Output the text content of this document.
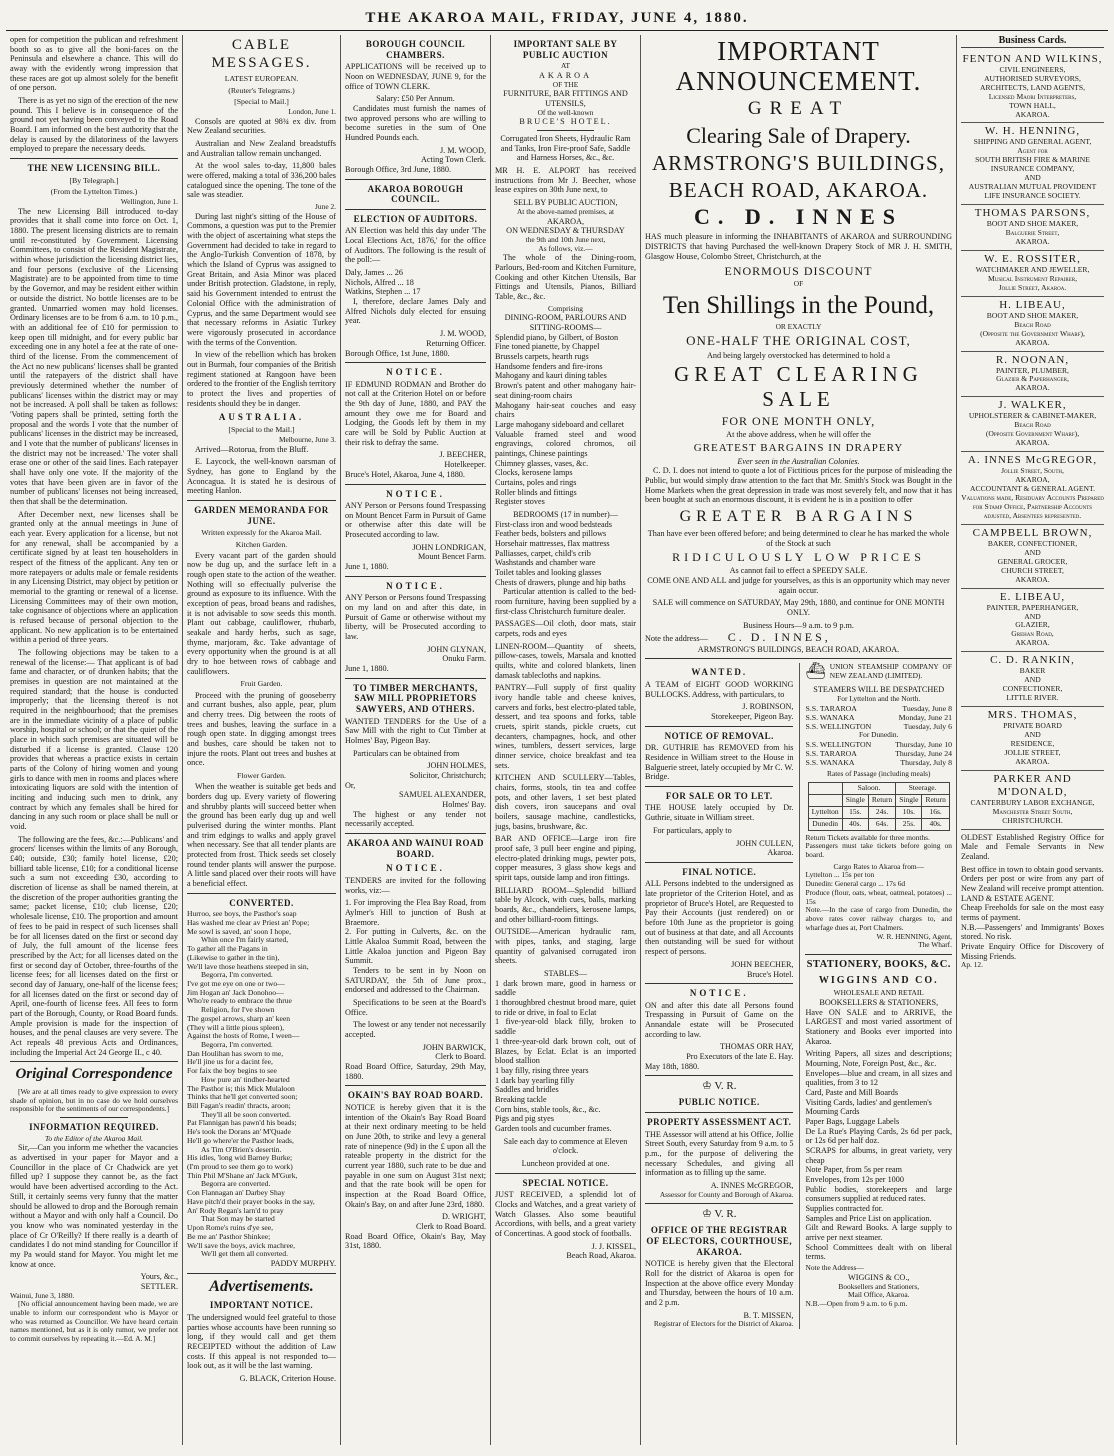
THE AKAROA MAIL, FRIDAY, JUNE 4, 1880.

open for competition the publican and refreshment booth so as to give all the boni-faces on the Peninsula and elsewhere a chance. This will do away with the evidently wrong impression that these races are got up almost solely for the benefit of one person.

There is as yet no sign of the erection of the new pound. This I believe is in consequence of the ground not yet having been conveyed to the Road Board. I am informed on the best authority that the delay is caused by the dilatoriness of the lawyers employed to prepare the necessary deeds.

THE NEW LICENSING BILL.
[By Telegraph.]
(From the Lyttelton Times.)
Wellington, June 1.

The new Licensing Bill introduced to-day provides that it shall come into force on Oct. 1, 1880. The present licensing districts are to remain until re-constituted by Government. Licensing Committees, to consist of the Resident Magistrate, within whose jurisdiction the licensing district lies, and four persons (exclusive of the Licensing Magistrate) are to be appointed from time to time by the Governor, and may be resident either within or outside the district. No bottle licenses are to be granted. Unmarried women may hold licenses. Ordinary licenses are to be from 6 a.m. to 10 p.m., with an additional fee of £10 for permission to keep open till midnight, and for every public bar exceeding one in any hotel a fee at the rate of one-third of the license. From the commencement of the Act no new publicans' licenses shall be granted until the ratepayers of the district shall have previously determined whether the number of publicans' licenses within the district may or may not be increased. A poll shall be taken as follows: 'Voting papers shall be printed, setting forth the proposal and the words I vote that the number of publicans' licenses in the district may be increased, and I vote that the number of publicans' licenses in the district may not be increased.' The voter shall erase one or other of the said lines. Each ratepayer shall have only one vote. If the majority of the votes that have been given are in favor of the number of publicans' licenses not being increased, then that shall be the determination.

After December next, new licenses shall be granted only at the annual meetings in June of each year. Every application for a license, but not for any renewal, shall be accompanied by a certificate signed by at least ten householders in respect of the fitness of the applicant. Any ten or more ratepayers or adults male or female residents in any Licensing District, may object by petition or memorial to the granting or renewal of a license. Licensing Committees may of their own motion, take cognisance of objections where an application is refused because of personal objection to the applicant. No new application is to be entertained within a period of three years.

The following objections may be taken to a renewal of the license:— That applicant is of bad fame and character, or of drunken habits; that the premises in question are not maintained at the required standard; that the house is conducted improperly; that the licensing thereof is not required in the neighbourhood; that the premises are in the immediate vicinity of a place of public worship, hospital or school; or that the quiet of the place in which such premises are situated will be disturbed if a license is granted. Clause 120 provides that whereas a practice exists in certain parts of the Colony of hiring women and young girls to dance with men in rooms and places where intoxicating liquors are sold with the intention of inciting and inducing such men to drink, any contract by which any females shall be hired for dancing in any such room or place shall be null or void.

The following are the fees, &c.:—Publicans' and grocers' licenses within the limits of any Borough, £40; outside, £30; family hotel license, £20; billiard table license, £10; for a conditional license such a sum not exceeding £30, according to discretion of license as shall be named therein, at the discretion of the proper authorities granting the same; packet license, £10; club license, £20; wholesale license, £10. The proportion and amount of fees to be paid in respect of such licenses shall be for all licenses dated on the first or second day of July, the full amount of the license fees prescribed by the Act; for all licenses dated on the first or second day of October, three-fourths of the license fees; for all licenses dated on the first or second day of January, one-half of the license fees; for all licenses dated on the first or second day of April, one-fourth of license fees. All fees to form part of the Borough, County, or Road Board funds. Ample provision is made for the inspection of houses, and the penal clauses are very severe. The Act repeals 48 previous Acts and Ordinances, including the Imperial Act 24 George II., c 40.

Original Correspondence

[We are at all times ready to give expression to every shade of opinion, but in no case do we hold ourselves responsible for the sentiments of our correspondents.]

INFORMATION REQUIRED.
To the Editor of the Akaroa Mail.

Sir,—Can you inform me whether the vacancies as advertised in your paper for Mayor and a Councillor in the place of Cr Chadwick are yet filled up? I suppose they cannot be, as the fact would have been advertised according to the Act. Still, it certainly seems very funny that the matter should be allowed to drop and the Borough remain without a Mayor and with only half a Council. Do you know who was nominated yesterday in the place of Cr O'Reilly? If there really is a dearth of candidates I do not mind standing for Councillor if my Pa would stand for Mayor. You might let me know at once.

Yours, &c.,
SETTLER.
Wainui, June 3, 1880.

[No official announcement having been made, we are unable to inform our correspondent who is Mayor or who was returned as Councillor. We have heard certain names mentioned, but as it is only rumor, we prefer not to commit ourselves by repeating it.—Ed. A. M.]

CABLE MESSAGES.
LATEST EUROPEAN.
(Reuter's Telegrams.)
[Special to Mail.]
London, June 1.

Consols are quoted at 98¾ ex div. from New Zealand securities.

Australian and New Zealand breadstuffs and Australian tallow remain unchanged.

At the wool sales to-day, 11,800 bales were offered, making a total of 336,200 bales catalogued since the opening. The tone of the sale was steadier.

June 2.

During last night's sitting of the House of Commons, a question was put to the Premier with the object of ascertaining what steps the Government had decided to take in regard to the Anglo-Turkish Convention of 1878, by which the Island of Cyprus was assigned to Great Britain, and Asia Minor was placed under British protection. Gladstone, in reply, said his Government intended to entrust the Colonial Office with the administration of Cyprus, and the same Department would see that necessary reforms in Asiatic Turkey were vigorously prosecuted in accordance with the terms of the Convention.

In view of the rebellion which has broken out in Burmah, four companies of the British regiment stationed at Rangoon have been ordered to the frontier of the English territory to protect the lives and properties of residents should they be in danger.

AUSTRALIA.
[Special to the Mail.]
Melbourne, June 3.

Arrived—Rotorua, from the Bluff.

E. Laycock, the well-known oarsman of Sydney, has gone to England by the Aconcagua. It is stated he is desirous of meeting Hanlon.

GARDEN MEMORANDA FOR JUNE.
Written expressly for the Akaroa Mail.
Kitchen Garden.

Every vacant part of the garden should now be dug up, and the surface left in a rough open state to the action of the weather. Nothing will so effectually pulverise the ground as exposure to its influence. With the exception of peas, broad beans and radishes, it is not advisable to sow seeds this month. Plant out cabbage, cauliflower, rhubarb, seakale and hardy herbs, such as sage, thyme, marjoram, &c. Take advantage of every opportunity when the ground is at all dry to hoe between rows of cabbage and cauliflowers.

Fruit Garden.

Proceed with the pruning of gooseberry and currant bushes, also apple, pear, plum and cherry trees. Dig between the roots of trees and bushes, leaving the surface in a rough open state. In digging amongst trees and bushes, care should be taken not to injure the roots. Plant out trees and bushes at once.

Flower Garden.

When the weather is suitable get beds and borders dug up. Every variety of flowering and shrubby plants will succeed better when the ground has been early dug up and well pulverised during the winter months. Plant and trim edgings to walks and apply gravel when necessary. See that all tender plants are protected from frost. Thick seeds set closely round tender plants will answer the purpose. A little sand placed over their roots will have a beneficial effect.

CONVERTED.
Hurroo, see boys, the Pasthor's soap
Has washed me clear av Priest an' Pope;
Me sowl is saved, an' soon I hope,
Whin once I'm fairly started,
To gather all the Pagans in
(Likewise to gather in the tin),
We'll lave those heathens steeped in sin,
Begorra, I'm converted.
I've got me eye on one or two—
Jim Hogan an' Jack Donohoo—
Who're ready to embrace the thrue
Religion, for I've shown
The gospel arrows, sharp an' keen
(They will a little pious spleen),
Against the hosts of Rome, I ween—
Begorra, I'm converted.
Dan Houlihan has sworn to me,
He'll jine us for a dacint fee,
For faix the boy begins to see
How pure an' tindher-hearted
The Pasthor is; this Mick Mulaloon
Thinks that he'll get converted soon;
Bill Fagan's readin' thracts, aroon;
They'll all be soon converted.
Pat Flannigan has pawn'd his beads;
He's took the Dorans an' M'Quade
He'll go where'er the Pasthor leads,
As Tim O'Brien's desertin.
His idles, 'long wid Barney Burke;
(I'm proud to see them go to work)
Thin Phil M'Shane an' Jack M'Gurk,
Begorra are converted.
Con Flannagan an' Darbey Shay
Have pitch'd their prayer books in the say,
An' Rody Regan's larn'd to pray
That Son may be started
Upon Rome's ruins d'ye see,
Be me an' Pasthor Shinkee;
We'll save the boys, avick machree,
We'll get them all converted.
PADDY MURPHY.
Advertisements.
IMPORTANT NOTICE.

The undersigned would feel grateful to those parties whose accounts have been running so long, if they would call and get them RECEIPTED without the addition of Law costs. If this appeal is not responded to—look out, as it will be the last warning.

G. BLACK, Criterion House.
BOROUGH COUNCIL CHAMBERS.

APPLICATIONS will be received up to Noon on WEDNESDAY, JUNE 9, for the office of TOWN CLERK.

Salary: £50 Per Annum.

Candidates must furnish the names of two approved persons who are willing to become sureties in the sum of One Hundred Pounds each.

J. M. WOOD,
Acting Town Clerk.
Borough Office, 3rd June, 1880.
AKAROA BOROUGH COUNCIL.
ELECTION OF AUDITORS.

AN Election was held this day under 'The Local Elections Act, 1876,' for the office of Auditors. The following is the result of the poll:—

Daly, James ... 26
Nichols, Alfred ... 18
Watkins, Stephen ... 17

I, therefore, declare James Daly and Alfred Nichols duly elected for ensuing year.

J. M. WOOD,
Returning Officer.
Borough Office, 1st June, 1880.
NOTICE.

IF EDMUND RODMAN and Brother do not call at the Criterion Hotel on or before the 9th day of June, 1880, and PAY the amount they owe me for Board and Lodging, the Goods left by them in my care will be Sold by Public Auction at their risk to defray the same.

J. BEECHER,
Hotelkeeper.
Bruce's Hotel, Akaroa, June 4, 1880.
NOTICE.

ANY Person or Persons found Trespassing on Mount Bencet Farm in Pursuit of Game or otherwise after this date will be Prosecuted according to law.

JOHN LONDRIGAN,
Mount Bencet Farm.
June 1, 1880.
NOTICE.

ANY Person or Persons found Trespassing on my land on and after this date, in Pursuit of Game or otherwise without my liberty, will be Prosecuted according to law.

JOHN GLYNAN,
Onuku Farm.
June 1, 1880.
TO TIMBER MERCHANTS, SAW MILL PROPRIETORS SAWYERS, AND OTHERS.

WANTED TENDERS for the Use of a Saw Mill with the right to Cut Timber at Holmes' Bay, Pigeon Bay.

Particulars can be obtained from

JOHN HOLMES,
Solicitor, Christchurch;
Or,
SAMUEL ALEXANDER,
Holmes' Bay.

The highest or any tender not necessarily accepted.

AKAROA AND WAINUI ROAD BOARD.
NOTICE.

TENDERS are invited for the following works, viz:—

1. For improving the Flea Bay Road, from Aylmer's Hill to junction of Bush at Braemore.
2. For putting in Culverts, &c. on the Little Akaloa Summit Road, between the Little Akaloa junction and Pigeon Bay Summit.

Tenders to be sent in by Noon on SATURDAY, the 5th of June prox., endorsed and addressed to the Chairman.

Specifications to be seen at the Board's Office.

The lowest or any tender not necessarily accepted.

JOHN BARWICK,
Clerk to Board.
Road Board Office, Saturday, 29th May, 1880.
OKAIN'S BAY ROAD BOARD.

NOTICE is hereby given that it is the intention of the Okain's Bay Road Board at their next ordinary meeting to be held on June 20th, to strike and levy a general rate of ninepence (9d) in the £ upon all the rateable property in the district for the current year 1880, such rate to be due and payable in one sum on August 31st next; and that the rate book will be open for inspection at the Road Board Office, Okain's Bay, on and after June 23rd, 1880.

D. WRIGHT,
Clerk to Road Board.
Road Board Office, Okain's Bay, May 31st, 1880.
IMPORTANT SALE BY PUBLIC AUCTION
AT
AKAROA
OF THE
FURNITURE, BAR FITTINGS AND UTENSILS,
Of the well-known
BRUCE'S HOTEL.

Corrugated Iron Sheets, Hydraulic Ram and Tanks, Iron Fire-proof Safe, Saddle and Harness Horses, &c., &c.

MR H. E. ALPORT has received instructions from Mr J. Beecher, whose lease expires on 30th June next, to

SELL BY PUBLIC AUCTION,
At the above-named premises, at
AKAROA,
ON WEDNESDAY & THURSDAY
the 9th and 10th June next,
As follows, viz.—

The whole of the Dining-room, Parlours, Bed-room and Kitchen Furniture, Cooking and other Kitchen Utensils, Bar Fittings and Utensils, Pianos, Billiard Table, &c., &c.

Comprising
DINING-ROOM, PARLOURS AND SITTING-ROOMS—
Splendid piano, by Gilbert, of Boston
Fine toned pianette, by Chappel
Brussels carpets, hearth rugs
Handsome fenders and fire-irons
Mahogany and kauri dining tables
Brown's patent and other mahogany hair-seat dining-room chairs
Mahogany hair-seat couches and easy chairs
Large mahogany sideboard and cellaret
Valuable framed steel and wood engravings, colored chromos, oil paintings, Chinese paintings
Chimney glasses, vases, &c.
Clocks, kerosene lamps
Curtains, poles and rings
Roller blinds and fittings
Register stoves
BEDROOMS (17 in number)—
First-class iron and wood bedsteads
Feather beds, bolsters and pillows
Horsehair mattresses, flax mattress
Palliasses, carpet, child's crib
Washstands and chamber ware
Toilet tables and looking glasses
Chests of drawers, plunge and hip baths

Particular attention is called to the bed-room furniture, having been supplied by a first-class Christchurch furniture dealer.

PASSAGES—Oil cloth, door mats, stair carpets, rods and eyes

LINEN-ROOM—Quantity of sheets, pillow-cases, towels, Marsala and knotted quilts, white and colored blankets, linen damask tablecloths and napkins.

PANTRY—Full supply of first quality ivory handle table and cheese knives, carvers and forks, best electro-plated table, dessert, and tea spoons and forks, table cruets, spirit stands, pickle cruets, cut decanters, champagnes, hock, and other wines, tumblers, dessert services, large dinner service, choice breakfast and tea sets.

KITCHEN AND SCULLERY—Tables, chairs, forms, stools, tin tea and coffee pots, and other lavers, 1 set best plated dish covers, iron saucepans and oval boilers, sausage machine, candlesticks, jugs, basins, brushware, &c.

BAR AND OFFICE—Large iron fire proof safe, 3 pull beer engine and piping, electro-plated drinking mugs, pewter pots, copper measures, 3 glass show kegs and spirit taps, outside lamp and iron fittings.

BILLIARD ROOM—Splendid billiard table by Alcock, with cues, balls, marking boards, &c., chandeliers, kerosene lamps, and other billiard-room fittings.

OUTSIDE—American hydraulic ram, with pipes, tanks, and staging, large quantity of galvanised corrugated iron sheets.

STABLES—
1 dark brown mare, good in harness or saddle
1 thoroughbred chestnut brood mare, quiet to ride or drive, in foal to Eclat
1 five-year-old black filly, broken to saddle
1 three-year-old dark brown colt, out of Blazes, by Eclat. Eclat is an imported blood stallion
1 bay filly, rising three years
1 dark bay yearling filly
Saddles and bridles
Breaking tackle
Corn bins, stable tools, &c., &c.
Pigs and pig styes
Garden tools and cucumber frames.

Sale each day to commence at Eleven o'clock.

Luncheon provided at one.

SPECIAL NOTICE.

JUST RECEIVED, a splendid lot of Clocks and Watches, and a great variety of Watch Glasses. Also some beautiful Accordions, with bells, and a great variety of Concertinas. A good stock of footballs.

J. J. KISSEL,
Beach Road, Akaroa.
IMPORTANT ANNOUNCEMENT.
GREAT
Clearing Sale of Drapery.
ARMSTRONG'S BUILDINGS,
BEACH ROAD, AKAROA.
C. D. INNES

HAS much pleasure in informing the INHABITANTS of AKAROA and SURROUNDING DISTRICTS that having Purchased the well-known Drapery Stock of MR J. H. SMITH, Glasgow House, Colombo Street, Christchurch, at the

ENORMOUS DISCOUNT
OF
Ten Shillings in the Pound,
OR EXACTLY
ONE-HALF THE ORIGINAL COST,
And being largely overstocked has determined to hold a
GREAT CLEARING SALE
FOR ONE MONTH ONLY,
At the above address, when he will offer the
GREATEST BARGAINS IN DRAPERY
Ever seen in the Australian Colonies.

C. D. I. does not intend to quote a lot of Fictitious prices for the purpose of misleading the Public, but would simply draw attention to the fact that Mr. Smith's Stock was Bought in the Home Markets when the great depression in trade was most severely felt, and now that it has been bought at such an enormous discount, it is evident he is in a position to offer

GREATER BARGAINS
Than have ever been offered before; and being determined to clear he has marked the whole of the Stock at such
RIDICULOUSLY LOW PRICES
As cannot fail to effect a SPEEDY SALE.

COME ONE AND ALL and judge for yourselves, as this is an opportunity which may never again occur.

SALE will commence on SATURDAY, May 29th, 1880, and continue for ONE MONTH ONLY.

Business Hours—9 a.m. to 9 p.m.
Note the address— C. D. INNES,
ARMSTRONG'S BUILDINGS, BEACH ROAD, AKAROA.
WANTED.

A TEAM of EIGHT GOOD WORKING BULLOCKS. Address, with particulars, to

J. ROBINSON,
Storekeeper, Pigeon Bay.
NOTICE OF REMOVAL.

DR. GUTHRIE has REMOVED from his Residence in William street to the House in Balguerie street, lately occupied by Mr C. W. Bridge.

FOR SALE OR TO LET.

THE HOUSE lately occupied by Dr. Guthrie, situate in William street.

For particulars, apply to

JOHN CULLEN,
Akaroa.
FINAL NOTICE.

ALL Persons indebted to the undersigned as late proprietor of the Criterion Hotel, and as proprietor of Bruce's Hotel, are Requested to Pay their Accounts (just rendered) on or before 10th June as the proprietor is going out of business at that date, and all Accounts then outstanding will be sued for without respect of persons.

JOHN BEECHER,
Bruce's Hotel.
NOTICE.

ON and after this date all Persons found Trespassing in Pursuit of Game on the Annandale estate will be Prosecuted according to law.

THOMAS ORR HAY,
Pro Executors of the late E. Hay.
May 18th, 1880.
♔ V. R.
PUBLIC NOTICE.
PROPERTY ASSESSMENT ACT.

THE Assessor will attend at his Office, Jollie Street South, every Saturday from 9 a.m. to 5 p.m., for the purpose of delivering the necessary Schedules, and giving all information as to filling up the same.

A. INNES McGREGOR,
Assessor for County and Borough of Akaroa.
♔ V. R.
OFFICE OF THE REGISTRAR OF ELECTORS, COURTHOUSE, AKAROA.

NOTICE is hereby given that the Electoral Roll for the district of Akaroa is open for Inspection at the above office every Monday and Thursday, between the hours of 10 a.m. and 2 p.m.

B. T. MISSEN,
Registrar of Electors for the District of Akaroa.
⛴ UNION STEAMSHIP COMPANY OF NEW ZEALAND (LIMITED).
STEAMERS WILL BE DESPATCHED
For Lyttelton and the North.
S.S. TARAROA	Tuesday, June 8
S.S. WANAKA	Monday, June 21
S.S. WELLINGTON	Tuesday, July 6
For Dunedin.
S.S. WELLINGTON	Thursday, June 10
S.S. TARAROA	Thursday, June 24
S.S. WANAKA	Thursday, July 8
Rates of Passage (including meals)
	Saloon.		Steerage.	
	Single	Return	Single	Return
Lyttelton	15s.	24s.	10s.	16s.
Dunedin	40s.	64s.	25s.	40s.
Return Tickets available for three months.
Passengers must take tickets before going on board.
Cargo Rates to Akaroa from—
Lyttelton ... 15s per ton
Dunedin: General cargo ... 17s 6d
Produce (flour, oats, wheat, oatmeal, potatoes) ... 15s
Note.—In the case of cargo from Dunedin, the above rates cover railway charges to, and wharfage dues at, Port Chalmers.
W. R. HENNING, Agent,
The Wharf.
STATIONERY, BOOKS, &C.
WIGGINS AND CO.
WHOLESALE AND RETAIL
BOOKSELLERS & STATIONERS,

Have ON SALE and to ARRIVE, the LARGEST and most varied assortment of Stationery and Books ever imported into Akaroa.

Writing Papers, all sizes and descriptions; Mourning, Note, Foreign Post, &c., &c.
Envelopes—blue and cream, in all sizes and qualities, from 3 to 12
Card, Paste and Mill Boards
Visiting Cards, ladies' and gentlemen's
Mourning Cards
Paper Bags, Luggage Labels
De La Rue's Playing Cards, 2s 6d per pack, or 12s 6d per half doz.
SCRAPS for albums, in great variety, very cheap
Note Paper, from 5s per ream
Envelopes, from 12s per 1000
Public bodies, storekeepers and large consumers supplied at reduced rates.
Supplies contracted for.
Samples and Price List on application.
Gilt and Reward Books. A large supply to arrive per next steamer.
School Committees dealt with on liberal terms.
Note the Address—
WIGGINS & CO.,
Booksellers and Stationers,
Mail Office, Akaroa.
N.B.—Open from 9 a.m. to 6 p.m.
Business Cards.
FENTON AND WILKINS,
CIVIL ENGINEERS,
AUTHORISED SURVEYORS,
ARCHITECTS, LAND AGENTS,
Licensed Maori Interpreters,
TOWN HALL,
AKAROA.
W. H. HENNING,
SHIPPING AND GENERAL AGENT,
Agent for
SOUTH BRITISH FIRE & MARINE INSURANCE COMPANY,
AND
AUSTRALIAN MUTUAL PROVIDENT LIFE INSURANCE SOCIETY.
THOMAS PARSONS,
BOOT AND SHOE MAKER,
Balguerie Street,
AKAROA.
W. E. ROSSITER,
WATCHMAKER AND JEWELLER,
Musical Instrument Repairer,
Jollie Street, Akaroa.
H. LIBEAU,
BOOT AND SHOE MAKER,
Beach Road
(Opposite the Government Wharf),
AKAROA.
R. NOONAN,
PAINTER, PLUMBER,
Glazier & Paperhanger,
AKAROA.
J. WALKER,
UPHOLSTERER & CABINET-MAKER,
Beach Road
(Opposite Government Wharf),
AKAROA.
A. INNES McGREGOR,
Jollie Street, South,
AKAROA,
ACCOUNTANT & GENERAL AGENT.
Valuations made, Residuary Accounts Prepared for Stamp Office, Partnership Accounts adjusted, Absentees represented.
CAMPBELL BROWN,
BAKER, CONFECTIONER,
AND
GENERAL GROCER,
CHURCH STREET,
AKAROA.
E. LIBEAU,
PAINTER, PAPERHANGER,
AND
GLAZIER,
Grehan Road,
AKAROA.
C. D. RANKIN,
BAKER
AND
CONFECTIONER,
LITTLE RIVER.
MRS. THOMAS,
PRIVATE BOARD
AND
RESIDENCE,
JOLLIE STREET,
AKAROA.
PARKER AND M'DONALD,
CANTERBURY LABOR EXCHANGE,
Manchester Street South,
CHRISTCHURCH.

OLDEST Established Registry Office for Male and Female Servants in New Zealand.

Best office in town to obtain good servants.
Orders per post or wire from any part of New Zealand will receive prompt attention.
LAND & ESTATE AGENT.
Cheap Freeholds for sale on the most easy terms of payment.
N.B.—Passengers' and Immigrants' Boxes stored. No risk.
Private Enquiry Office for Discovery of Missing Friends.
Ap. 12.
